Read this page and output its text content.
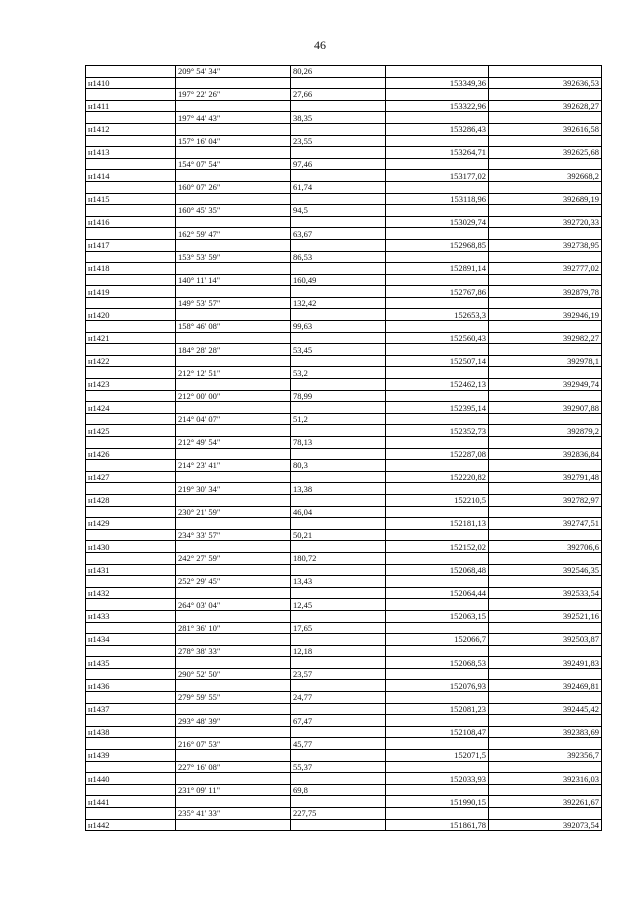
46
	209° 54' 34"	80,26		
н1410			153349,36	392636,53
	197° 22' 26"	27,66		
н1411			153322,96	392628,27
	197° 44' 43"	38,35		
н1412			153286,43	392616,58
	157° 16' 04"	23,55		
н1413			153264,71	392625,68
	154° 07' 54"	97,46		
н1414			153177,02	392668,2
	160° 07' 26"	61,74		
н1415			153118,96	392689,19
	160° 45' 35"	94,5		
н1416			153029,74	392720,33
	162° 59' 47"	63,67		
н1417			152968,85	392738,95
	153° 53' 59"	86,53		
н1418			152891,14	392777,02
	140° 11' 14"	160,49		
н1419			152767,86	392879,78
	149° 53' 57"	132,42		
н1420			152653,3	392946,19
	158° 46' 08"	99,63		
н1421			152560,43	392982,27
	184° 28' 28"	53,45		
н1422			152507,14	392978,1
	212° 12' 51"	53,2		
н1423			152462,13	392949,74
	212° 00' 00"	78,99		
н1424			152395,14	392907,88
	214° 04' 07"	51,2		
н1425			152352,73	392879,2
	212° 49' 54"	78,13		
н1426			152287,08	392836,84
	214° 23' 41"	80,3		
н1427			152220,82	392791,48
	219° 30' 34"	13,38		
н1428			152210,5	392782,97
	230° 21' 59"	46,04		
н1429			152181,13	392747,51
	234° 33' 57"	50,21		
н1430			152152,02	392706,6
	242° 27' 59"	180,72		
н1431			152068,48	392546,35
	252° 29' 45"	13,43		
н1432			152064,44	392533,54
	264° 03' 04"	12,45		
н1433			152063,15	392521,16
	281° 36' 10"	17,65		
н1434			152066,7	392503,87
	278° 38' 33"	12,18		
н1435			152068,53	392491,83
	290° 52' 50"	23,57		
н1436			152076,93	392469,81
	279° 59' 55"	24,77		
н1437			152081,23	392445,42
	293° 48' 39"	67,47		
н1438			152108,47	392383,69
	216° 07' 53"	45,77		
н1439			152071,5	392356,7
	227° 16' 08"	55,37		
н1440			152033,93	392316,03
	231° 09' 11"	69,8		
н1441			151990,15	392261,67
	235° 41' 33"	227,75		
н1442			151861,78	392073,54
